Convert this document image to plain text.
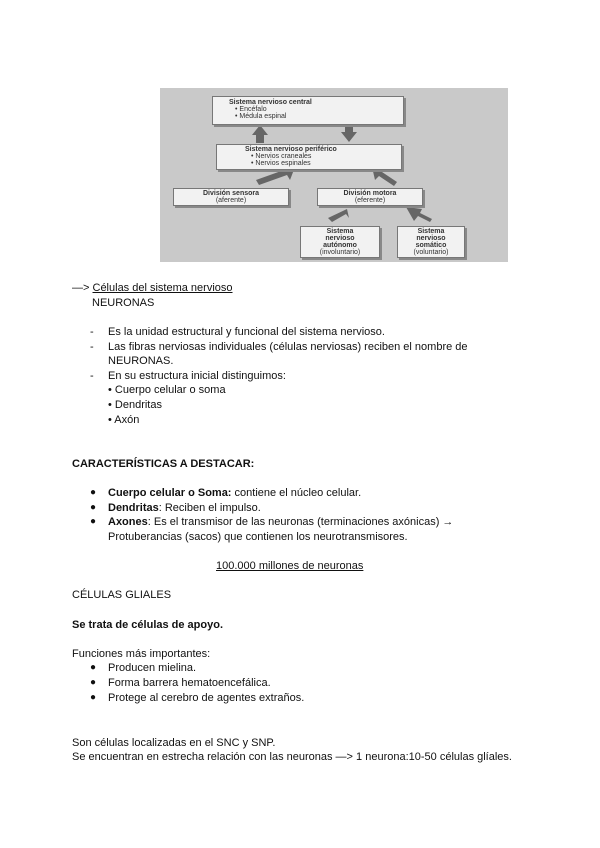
Sistema nervioso central
• Encéfalo
• Médula espinal
Sistema nervioso periférico
• Nervios craneales
• Nervios espinales
División sensora
(aferente)
División motora
(eferente)
Sistema
nervioso
autónomo
(involuntario)
Sistema
nervioso
somático
(voluntario)
—> Células del sistema nervioso
NEURONAS
- Es la unidad estructural y funcional del sistema nervioso.
- Las fibras nerviosas individuales (células nerviosas) reciben el nombre de
NEURONAS.
- En su estructura inicial distinguimos:
• Cuerpo celular o soma
• Dendritas
• Axón
CARACTERÍSTICAS A DESTACAR:
● Cuerpo celular o Soma: contiene el núcleo celular.
● Dendritas: Reciben el impulso.
● Axones: Es el transmisor de las neuronas (terminaciones axónicas) →
Protuberancias (sacos) que contienen los neurotransmisores.
100.000 millones de neuronas
CÉLULAS GLIALES
Se trata de células de apoyo.
Funciones más importantes:
● Producen mielina.
● Forma barrera hematoencefálica.
● Protege al cerebro de agentes extraños.
Son células localizadas en el SNC y SNP.
Se encuentran en estrecha relación con las neuronas —> 1 neurona:10-50 células glíales.
